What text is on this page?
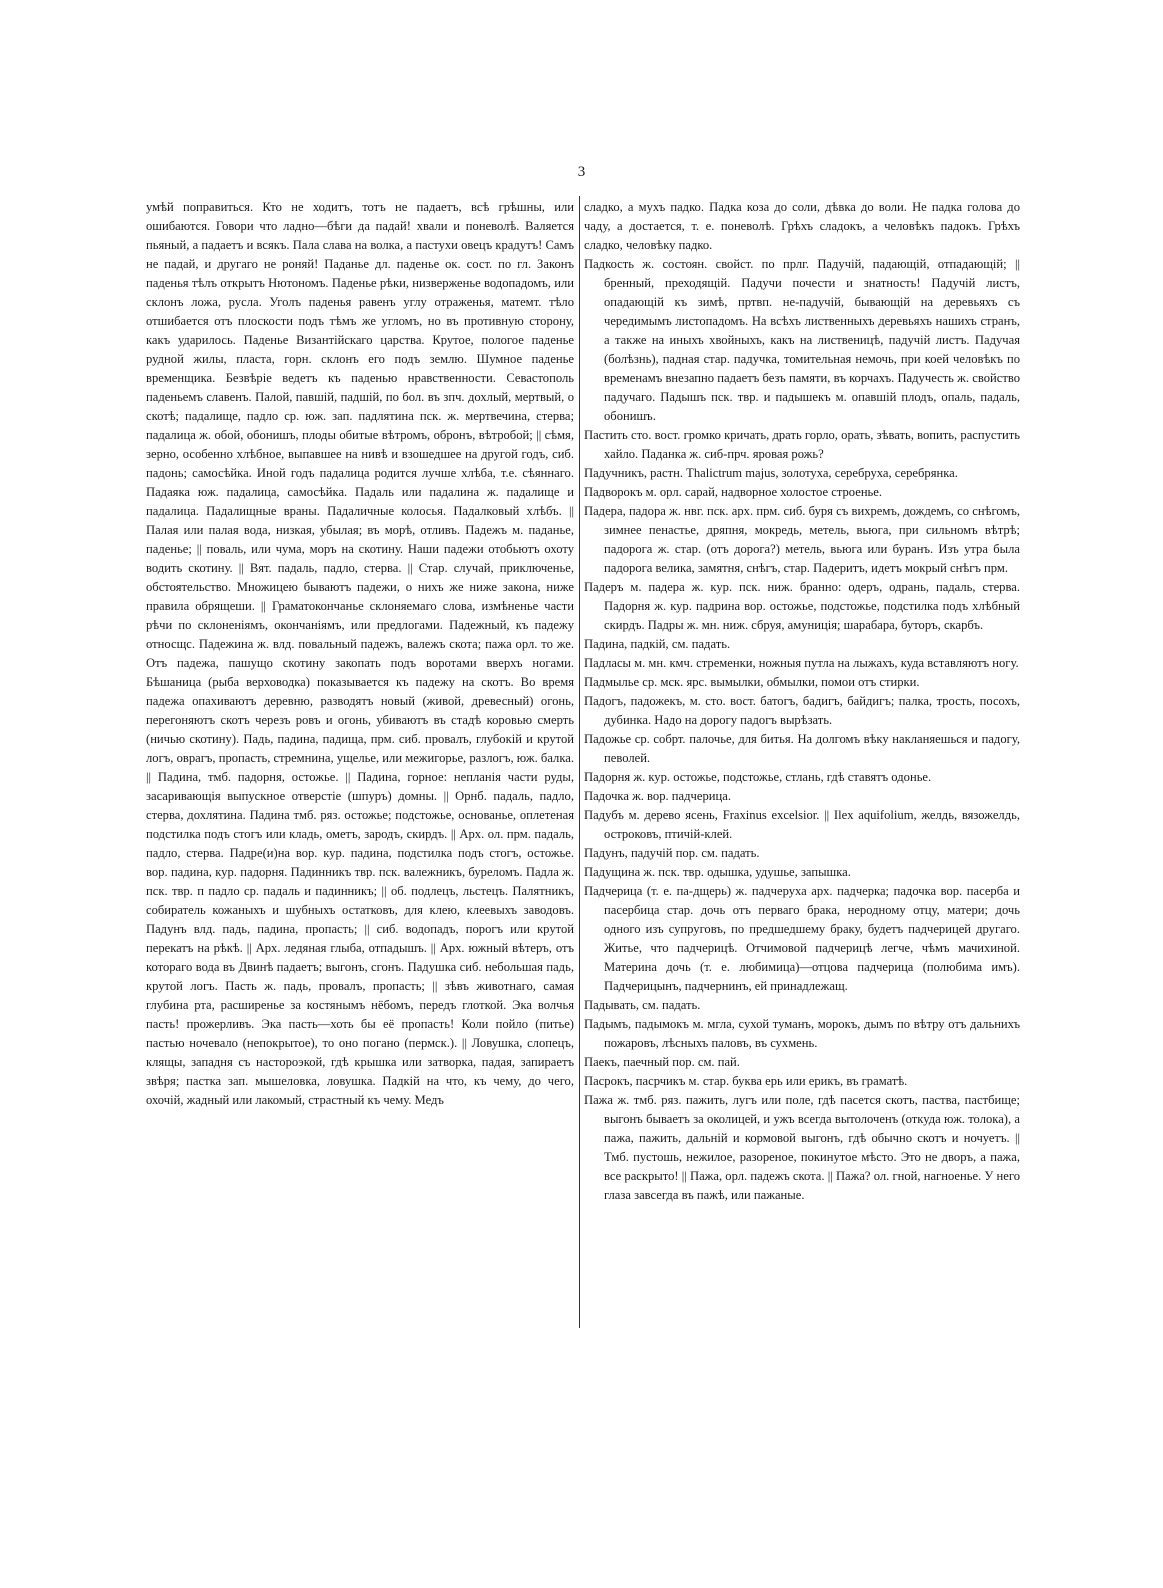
3

умѣй поправиться. Кто не ходитъ, тотъ не падаетъ, всѣ грѣшны, или ошибаются. Говори что ладно—бѣги да падай! хвали и поневолѣ. Валяется пьяный, а падаетъ и всякъ. Пала слава на волка, а пастухи овецъ крадутъ! Самъ не падай, и другаго не роняй! Паданье дл. паденье ок. сост. по гл. Законъ паденья тѣлъ открытъ Нютономъ. Паденье рѣки, низверженье водопадомъ, или склонъ ложа, русла. Уголъ паденья равенъ углу отраженья, матемт. тѣло отшибается отъ плоскости подъ тѣмъ же угломъ, но въ противную сторону, какъ ударилось. Паденье Византійскаго царства. Крутое, пологое паденье рудной жилы, пласта, горн. склонъ его подъ землю. Шумное паденье временщика. Безвѣріе ведетъ къ паденью нравственности. Севастополь паденьемъ славенъ. Палой, павшій, падшій, по бол. въ зпч. дохлый, мертвый, о скотѣ; падалище, падло ср. юж. зап. падлятина пск. ж. мертвечина, стерва; падалица ж. обой, обонишъ, плоды обитые вѣтромъ, обронъ, вѣтробой; || сѣмя, зерно, особенно хлѣбное, выпавшее на нивѣ и взошедшее на другой годъ, сиб. падонь; самосѣйка. Иной годъ падалица родится лучше хлѣба, т.е. сѣяннаго. Падаяка юж. падалица, самосѣйка. Падаль или падалина ж. падалище и падалица. Падалищные враны. Падаличные колосья. Падалковый хлѣбъ. || Палая или палая вода, низкая, убылая; въ морѣ, отливъ. Падежъ м. паданье, паденье; || поваль, или чума, моръ на скотину. Наши падежи отобьютъ охоту водить скотину. || Вят. падаль, падло, стерва. || Стар. случай, приключенье, обстоятельство. Множицею бываютъ падежи, о нихъ же ниже закона, ниже правила обрящеши. || Граматокончанье склоняемаго слова, измѣненье части рѣчи по склоненіямъ, окончаніямъ, или предлогами. Падежный, къ падежу относщс. Падежина ж. влд. повальный падежъ, валежъ скота; пажа орл. то же. Отъ падежа, пашущо скотину закопать подъ воротами вверхъ ногами. Бѣшаница (рыба верховодка) показывается къ падежу на скотъ. Во время падежа опахиваютъ деревню, разводятъ новый (живой, древесный) огонь, перегоняютъ скотъ черезъ ровъ и огонь, убиваютъ въ стадѣ коровью смерть (ничью скотину). Падь, падина, падища, прм. сиб. провалъ, глубокій и крутой логъ, оврагъ, пропасть, стремнина, ущелье, или межигорье, разлогъ, юж. балка. || Падина, тмб. падорня, остожье. || Падина, горное: непланія части руды, засаривающія выпускное отверстіе (шпуръ) домны. || Орнб. падаль, падло, стерва, дохлятина. Падина тмб. ряз. остожье; подстожье, основанье, оплетеная подстилка подъ стогъ или кладь, ометъ, зародъ, скирдъ. || Арх. ол. прм. падаль, падло, стерва. Падре(и)на вор. кур. падина, подстилка подъ стогъ, остожье. вор. падина, кур. падорня. Падинникъ твр. пск. валежникъ, буреломъ. Падла ж. пск. твр. п падло ср. падаль и падинникъ; || об. подлецъ, льстецъ. Палятникъ, собиратель кожаныхъ и шубныхъ остатковъ, для клею, клеевыхъ заводовъ. Падунъ влд. падь, падина, пропасть; || сиб. водопадъ, порогъ или крутой перекатъ на рѣкѣ. || Арх. ледяная глыба, отпадышъ. || Арх. южный вѣтеръ, отъ котораго вода въ Двинѣ падаетъ; выгонъ, сгонъ. Падушка сиб. небольшая падь, крутой логъ. Пасть ж. падь, провалъ, пропасть; || зѣвъ животнаго, самая глубина рта, расширенье за костянымъ нёбомъ, передъ глоткой. Эка волчья пасть! прожерливъ. Эка пасть—хоть бы её пропасть! Коли пойло (питье) пастью ночевало (непокрытое), то оно погано (пермск.). || Ловушка, слопецъ, клящы, западня съ настороэкой, гдѣ крышка или затворка, падая, запираетъ звѣря; пастка зап. мышеловка, ловушка. Падкій на что, къ чему, до чего, охочій, жадный или лакомый, страстный къ чему. Медъ

сладко, а мухъ падко. Падка коза до соли, дѣвка до воли. Не падка голова до чаду, а достается, т. е. поневолѣ. Грѣхъ сладокъ, а человѣкъ падокъ. Грѣхъ сладко, человѣку падко.

Падкость ж. состоян. свойст. по прлг. Падучій, падающій, отпадающій; || бренный, преходящій. Падучи почести и знатность! Падучій листъ, опадающій къ зимѣ, пртвп. не-падучій, бывающій на деревьяхъ съ чередимымъ листопадомъ. На всѣхъ лиственныхъ деревьяхъ нашихъ странъ, а также на иныхъ хвойныхъ, какъ на лиственицѣ, падучій листъ. Падучая (болѣзнь), падная стар. падучка, томительная немочь, при коей человѣкъ по временамъ внезапно падаетъ безъ памяти, въ корчахъ. Падучесть ж. свойство падучаго. Падышъ пск. твр. и падышекъ м. опавшій плодъ, опаль, падаль, обонишъ.

Пастить сто. вост. громко кричать, драть горло, орать, зѣвать, вопить, распустить хайло. Паданка ж. сиб-прч. яровая рожь?

Падучникъ, растн. Thalictrum majus, золотуха, серебруха, серебрянка.

Падворокъ м. орл. сарай, надворное холостое строенье.

Падера, падора ж. нвг. пск. арх. прм. сиб. буря съ вихремъ, дождемъ, со снѣгомъ, зимнее пенастье, дряпня, мокредь, метель, вьюга, при сильномъ вѣтрѣ; падорога ж. стар. (отъ дорога?) метель, вьюга или буранъ. Изъ утра была падорога велика, замятня, снѣгъ, стар. Падеритъ, идетъ мокрый снѣгъ прм.

Падеръ м. падера ж. кур. пск. ниж. бранно: одеръ, одрань, падаль, стерва. Падорня ж. кур. падрина вор. остожье, подстожье, подстилка подъ хлѣбный скирдъ. Падры ж. мн. ниж. сбруя, амуниція; шарабара, буторъ, скарбъ.

Падина, падкій, см. падать.

Падласы м. мн. кмч. стременки, ножныя путла на лыжахъ, куда вставляютъ ногу.

Падмылье ср. мск. ярс. вымылки, обмылки, помои отъ стирки.

Падогъ, падожекъ, м. сто. вост. батогъ, бадигъ, байдигъ; палка, трость, посохъ, дубинка. Надо на дорогу падогъ вырѣзать.

Падожье ср. собрт. палочье, для битья. На долгомъ вѣку накланяешься и падогу, певолей.

Падорня ж. кур. остожье, подстожье, стлань, гдѣ ставятъ одонье.

Падочка ж. вор. падчерица.

Падубъ м. дерево ясень, Fraxinus excelsior. || Ilex aquifolium, желдь, вязожелдь, остроковъ, птичій-клей.

Падунъ, падучій пор. см. падать.

Падущина ж. пск. твр. одышка, удушье, запышка.

Падчерица (т. е. па-дщерь) ж. падчеруха арх. падчерка; падочка вор. пасерба и пасербица стар. дочь отъ перваго брака, неродному отцу, матери; дочь одного изъ супруговъ, по предшедшему браку, будетъ падчерицей другаго. Житье, что падчерицѣ. Отчимовой падчерицѣ легче, чѣмъ мачихиной. Материна дочь (т. е. любимица)—отцова падчерица (полюбима имъ). Падчерицынъ, падчернинъ, ей принадлежащ.

Падывать, см. падать.

Падымъ, падымокъ м. мгла, сухой туманъ, морокъ, дымъ по вѣтру отъ дальнихъ пожаровъ, лѣсныхъ паловъ, въ сухмень.

Паекъ, паечный пор. см. пай.

Пасрокъ, пасрчикъ м. стар. буква ерь или ерикъ, въ граматѣ.

Пажа ж. тмб. ряз. пажить, лугъ или поле, гдѣ пасется скотъ, паства, пастбище; выгонъ бываетъ за околицей, и ужъ всегда вытолоченъ (откуда юж. толока), а пажа, пажить, дальній и кормовой выгонъ, гдѣ обычно скотъ и ночуетъ. || Тмб. пустошь, нежилое, разореное, покинутое мѣсто. Это не дворъ, а пажа, все раскрыто! || Пажа, орл. падежъ скота. || Пажа? ол. гной, нагноенье. У него глаза завсегда въ пажѣ, или пажаные.
